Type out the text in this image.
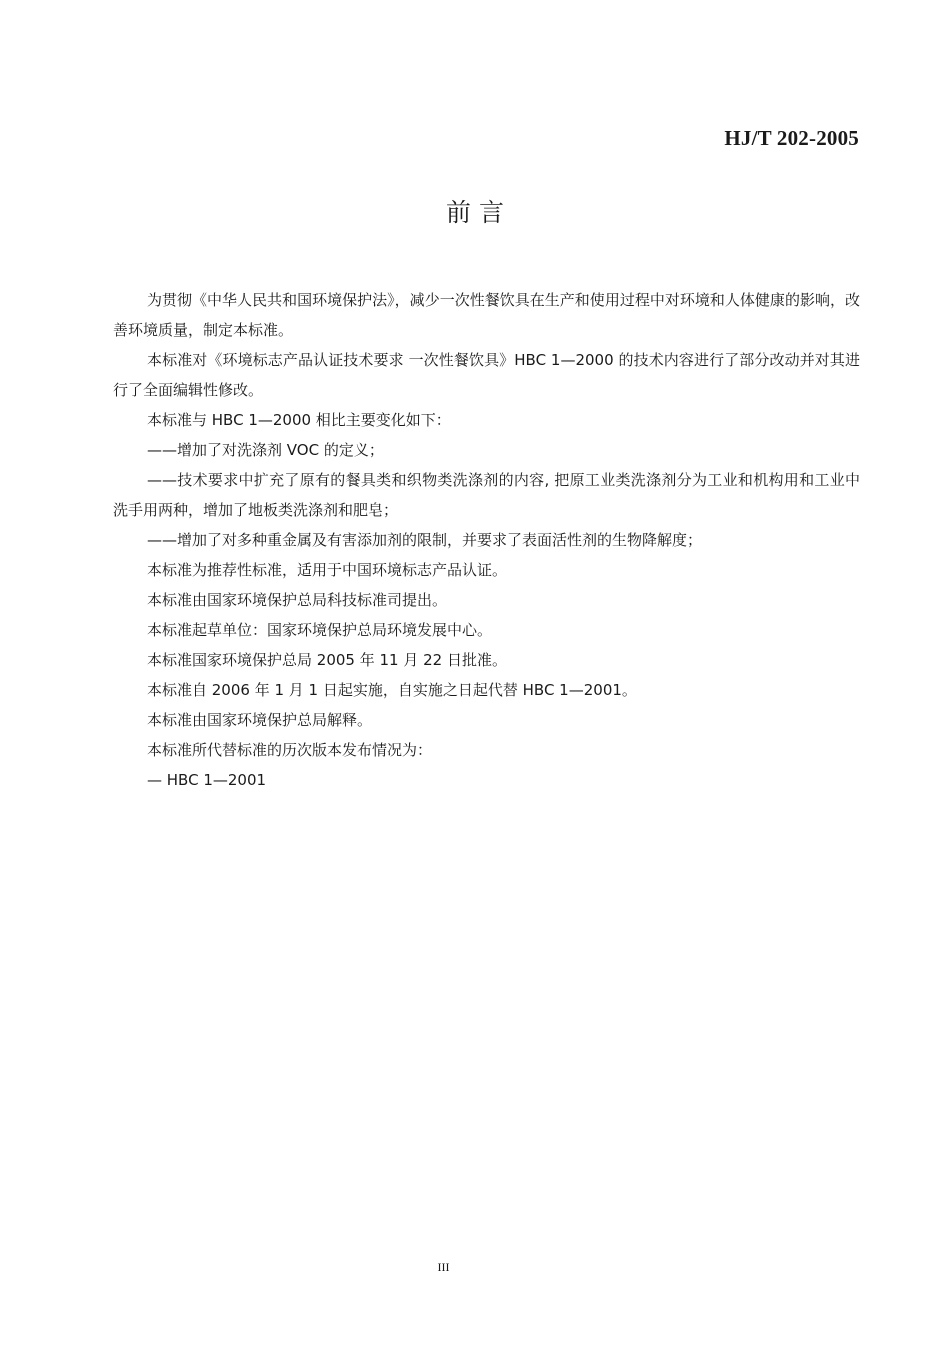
HJ/T 202-2005
前 言

为贯彻《中华人民共和国环境保护法》，减少一次性餐饮具在生产和使用过程中对环境和人体健康的影响，改善环境质量，制定本标准。

本标准对《环境标志产品认证技术要求 一次性餐饮具》HBC 1—2000 的技术内容进行了部分改动并对其进行了全面编辑性修改。

本标准与 HBC 1—2000 相比主要变化如下：

——增加了对洗涤剂 VOC 的定义；

——技术要求中扩充了原有的餐具类和织物类洗涤剂的内容, 把原工业类洗涤剂分为工业和机构用和工业中洗手用两种，增加了地板类洗涤剂和肥皂；

——增加了对多种重金属及有害添加剂的限制，并要求了表面活性剂的生物降解度；

本标准为推荐性标准，适用于中国环境标志产品认证。

本标准由国家环境保护总局科技标准司提出。

本标准起草单位：国家环境保护总局环境发展中心。

本标准国家环境保护总局 2005 年 11 月 22 日批准。

本标准自 2006 年 1 月 1 日起实施，自实施之日起代替 HBC 1—2001。

本标准由国家环境保护总局解释。

本标准所代替标准的历次版本发布情况为：

— HBC 1—2001

III
